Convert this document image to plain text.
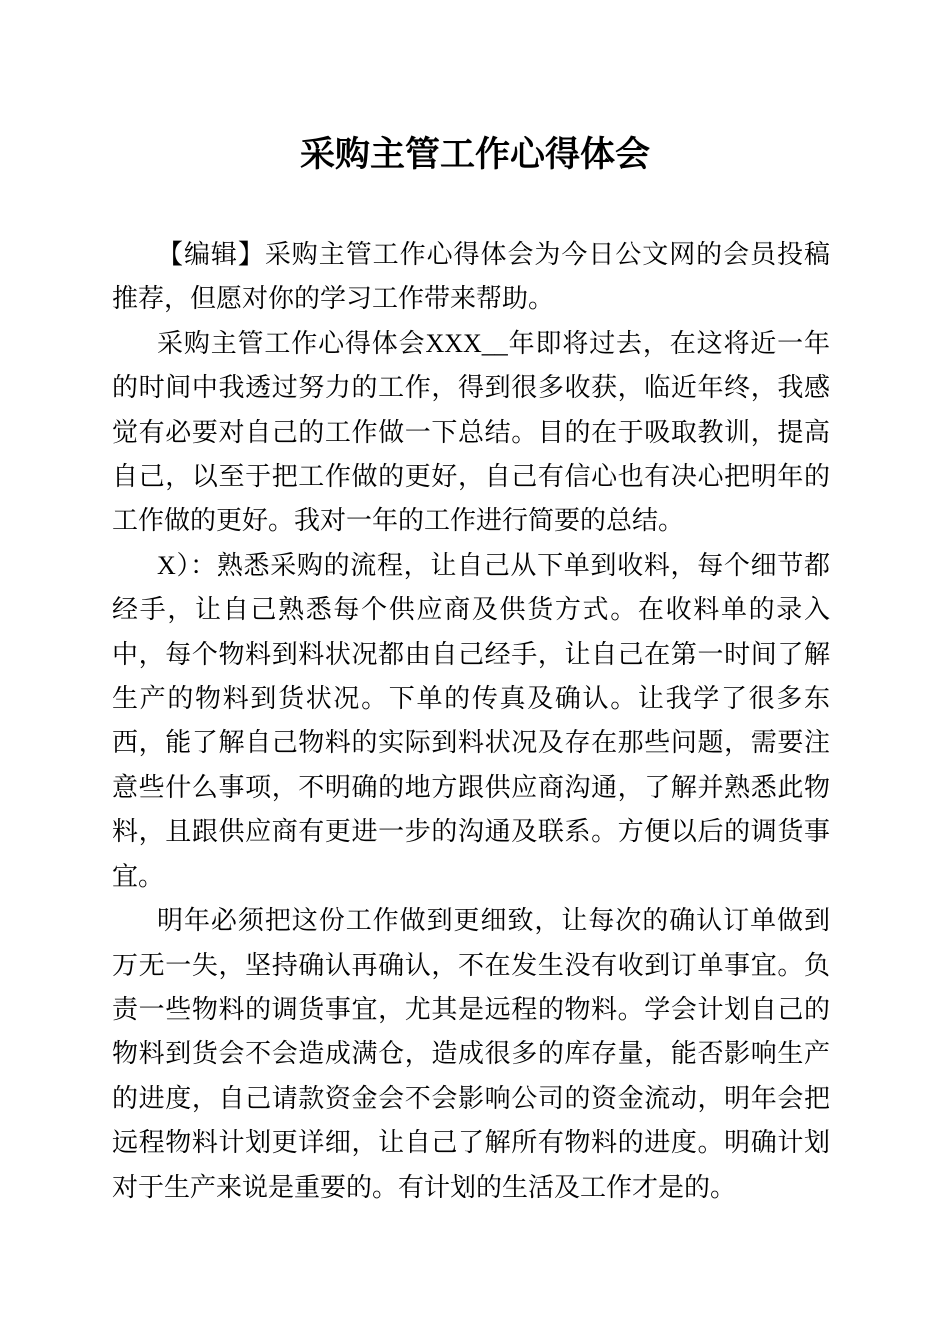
采购主管工作心得体会

【编辑】采购主管工作心得体会为今日公文网的会员投稿推荐，但愿对你的学习工作带来帮助。

采购主管工作心得体会XXX__年即将过去，在这将近一年的时间中我透过努力的工作，得到很多收获，临近年终，我感觉有必要对自己的工作做一下总结。目的在于吸取教训，提高自己，以至于把工作做的更好，自己有信心也有决心把明年的工作做的更好。我对一年的工作进行简要的总结。

X）：熟悉采购的流程，让自己从下单到收料，每个细节都经手，让自己熟悉每个供应商及供货方式。在收料单的录入中，每个物料到料状况都由自己经手，让自己在第一时间了解生产的物料到货状况。下单的传真及确认。让我学了很多东西，能了解自己物料的实际到料状况及存在那些问题，需要注意些什么事项，不明确的地方跟供应商沟通，了解并熟悉此物料，且跟供应商有更进一步的沟通及联系。方便以后的调货事宜。

明年必须把这份工作做到更细致，让每次的确认订单做到万无一失，坚持确认再确认，不在发生没有收到订单事宜。负责一些物料的调货事宜，尤其是远程的物料。学会计划自己的物料到货会不会造成满仓，造成很多的库存量，能否影响生产的进度，自己请款资金会不会影响公司的资金流动，明年会把远程物料计划更详细，让自己了解所有物料的进度。明确计划对于生产来说是重要的。有计划的生活及工作才是的。
